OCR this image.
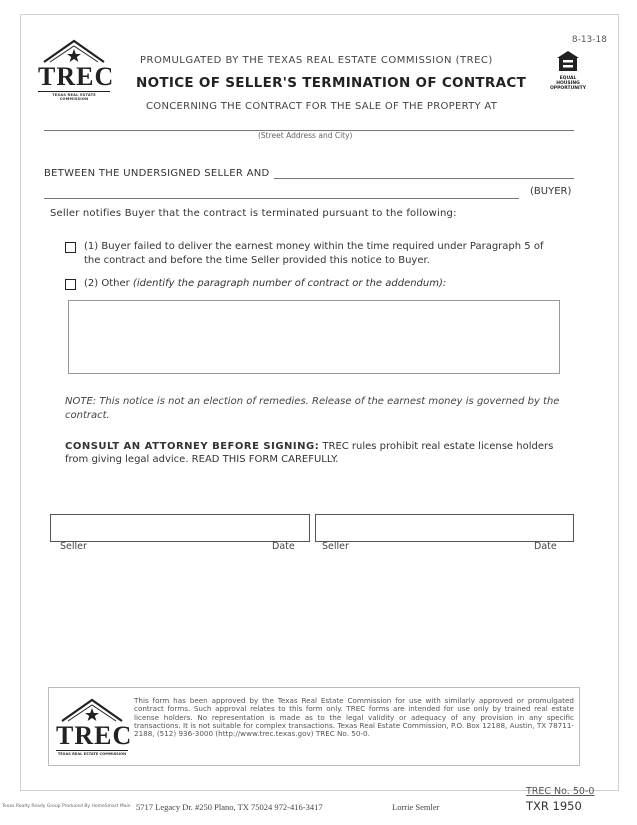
8-13-18
TREC
TEXAS REAL ESTATE COMMISSION
PROMULGATED BY THE TEXAS REAL ESTATE COMMISSION (TREC)
NOTICE OF SELLER'S TERMINATION OF CONTRACT
CONCERNING THE CONTRACT FOR THE SALE OF THE PROPERTY AT
EQUAL
HOUSING
OPPORTUNITY
(Street Address and City)
BETWEEN THE UNDERSIGNED SELLER AND
(BUYER)
Seller notifies Buyer that the contract is terminated pursuant to the following:
(1) Buyer failed to deliver the earnest money within the time required under Paragraph 5 of
the contract and before the time Seller provided this notice to Buyer.
(2) Other (identify the paragraph number of contract or the addendum):
NOTE: This notice is not an election of remedies. Release of the earnest money is governed by the contract.
CONSULT AN ATTORNEY BEFORE SIGNING: TREC rules prohibit real estate license holders from giving legal advice. READ THIS FORM CAREFULLY.
Seller	Date	Seller	Date
TREC
TEXAS REAL ESTATE COMMISSION
This form has been approved by the Texas Real Estate Commission for use with similarly approved or promulgated contract forms. Such approval relates to this form only. TREC forms are intended for use only by trained real estate license holders. No representation is made as to the legal validity or adequacy of any provision in any specific transactions. It is not suitable for complex transactions. Texas Real Estate Commission, P.O. Box 12188, Austin, TX 78711-2188, (512) 936-3000 (http://www.trec.texas.gov) TREC No. 50-0.
TREC No. 50-0
TXR 1950
Texas Realty Ready Group Produced By HomeSmart Main 5717 Legacy Dr. #250 Plano, TX 75024 972-416-3417	Lorrie Semler
